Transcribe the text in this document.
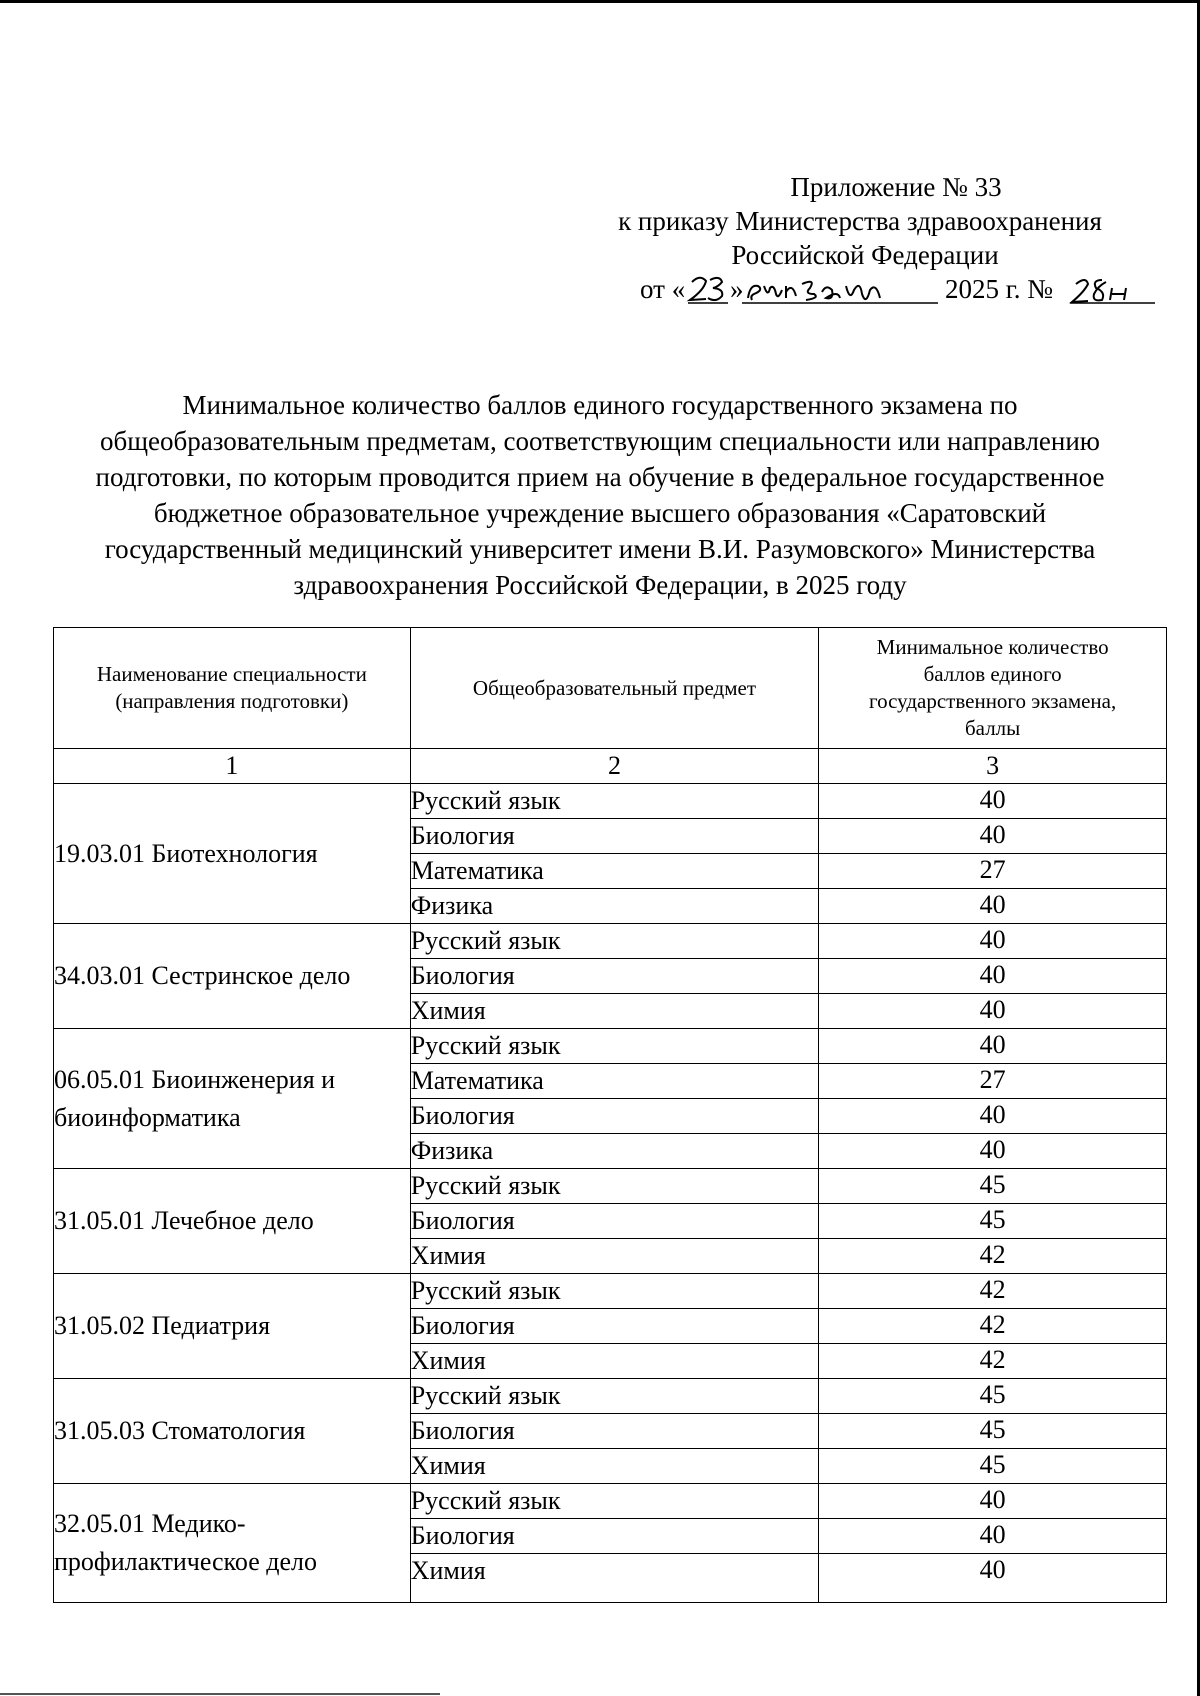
Приложение № 33
к приказу Министерства здравоохранения
Российской Федерации
от « »	2025 г. №
Минимальное количество баллов единого государственного экзамена по
общеобразовательным предметам, соответствующим специальности или направлению
подготовки, по которым проводится прием на обучение в федеральное государственное
бюджетное образовательное учреждение высшего образования «Саратовский
государственный медицинский университет имени В.И. Разумовского» Министерства
здравоохранения Российской Федерации, в 2025 году
Наименование специальности (направления подготовки)	Общеобразовательный предмет	Минимальное количество баллов единого государственного экзамена, баллы
1	2	3
19.03.01 Биотехнология	Русский язык	40
	Биология	40
	Математика	27
	Физика	40
34.03.01 Сестринское дело	Русский язык	40
	Биология	40
	Химия	40
06.05.01 Биоинженерия и биоинформатика	Русский язык	40
	Математика	27
	Биология	40
	Физика	40
31.05.01 Лечебное дело	Русский язык	45
	Биология	45
	Химия	42
31.05.02 Педиатрия	Русский язык	42
	Биология	42
	Химия	42
31.05.03 Стоматология	Русский язык	45
	Биология	45
	Химия	45
32.05.01 Медико-профилактическое дело	Русский язык	40
	Биология	40
	Химия	40
